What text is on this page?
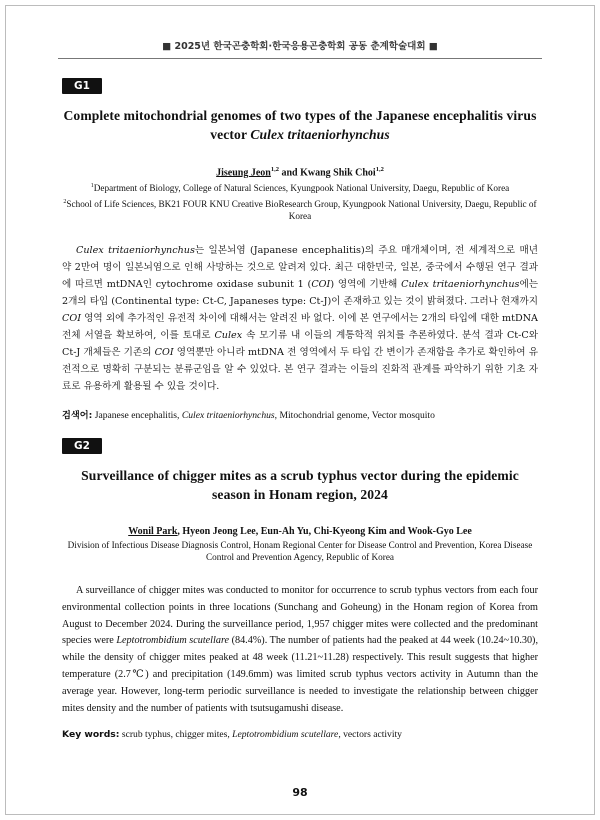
■ 2025년 한국곤충학회·한국응용곤충학회 공동 춘계학술대회 ■
G1
Complete mitochondrial genomes of two types of the Japanese encephalitis virus vector Culex tritaeniorhynchus
Jiseung Jeon$^{1,2}$ and Kwang Shik Choi$^{1,2}$
$^1$Department of Biology, College of Natural Sciences, Kyungpook National University, Daegu, Republic of Korea
$^2$School of Life Sciences, BK21 FOUR KNU Creative BioResearch Group, Kyungpook National University, Daegu, Republic of Korea
Culex tritaeniorhynchus는 일본뇌염 (Japanese encephalitis)의 주요 매개체이며, 전 세계적으로 매년 약 2만여 명이 일본뇌염으로 인해 사망하는 것으로 알려져 있다. 최근 대한민국, 일본, 중국에서 수행된 연구 결과에 따르면 mtDNA인 cytochrome oxidase subunit 1 (COI) 영역에 기반해 Culex tritaeniorhynchus에는 2개의 타입 (Continental type: Ct-C, Japaneses type: Ct-J)이 존재하고 있는 것이 밝혀졌다. 그러나 현재까지 COI 영역 외에 추가적인 유전적 차이에 대해서는 알려진 바 없다. 이에 본 연구에서는 2개의 타입에 대한 mtDNA 전체 서열을 확보하여, 이를 토대로 Culex 속 모기류 내 이들의 계통학적 위치를 추론하였다. 분석 결과 Ct-C와 Ct-J 개체들은 기존의 COI 영역뿐만 아니라 mtDNA 전 영역에서 두 타입 간 변이가 존재함을 추가로 확인하여 유전적으로 명확히 구분되는 분류군임을 알 수 있었다. 본 연구 결과는 이들의 진화적 관계를 파악하기 위한 기초 자료로 유용하게 활용될 수 있을 것이다.
검색어: Japanese encephalitis, Culex tritaeniorhynchus, Mitochondrial genome, Vector mosquito
G2
Surveillance of chigger mites as a scrub typhus vector during the epidemic season in Honam region, 2024
Wonil Park, Hyeon Jeong Lee, Eun-Ah Yu, Chi-Kyeong Kim and Wook-Gyo Lee
Division of Infectious Disease Diagnosis Control, Honam Regional Center for Disease Control and Prevention, Korea Disease Control and Prevention Agency, Republic of Korea
A surveillance of chigger mites was conducted to monitor for occurrence to scrub typhus vectors from each four environmental collection points in three locations (Sunchang and Goheung) in the Honam region of Korea from August to December 2024. During the surveillance period, 1,957 chigger mites were collected and the predominant species were Leptotrombidium scutellare (84.4%). The number of patients had the peaked at 44 week (10.24~10.30), while the density of chigger mites peaked at 48 week (11.21~11.28) respectively. This result suggests that higher temperature (2.7℃) and precipitation (149.6mm) was limited scrub typhus vectors activity in Autumn than the average year. However, long-term periodic surveillance is needed to investigate the relationship between chigger mites density and the number of patients with tsutsugamushi disease.
Key words: scrub typhus, chigger mites, Leptotrombidium scutellare, vectors activity
98
